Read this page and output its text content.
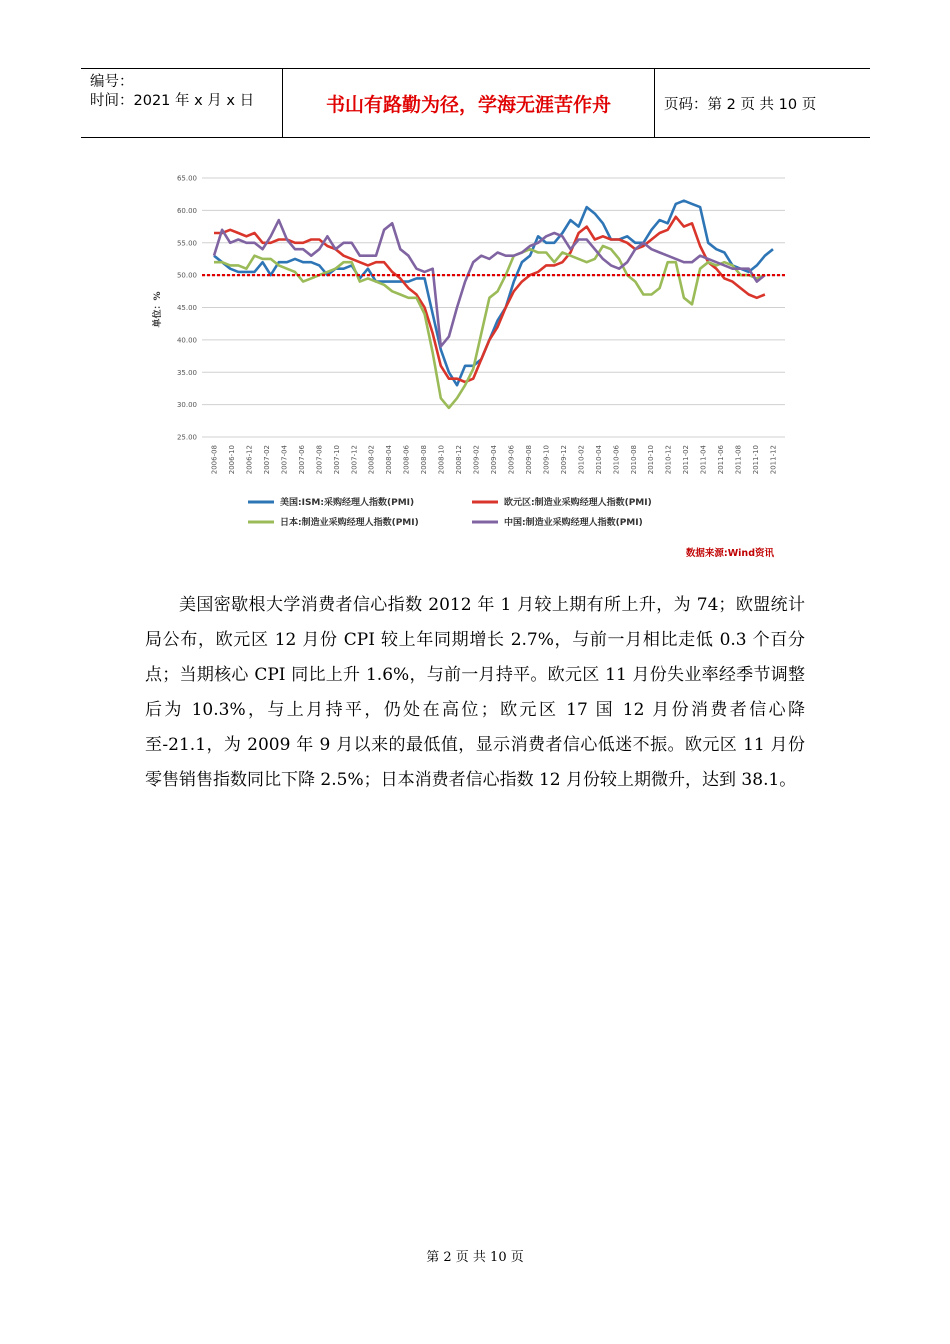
编号：
时间：2021 年 x 月 x 日	书山有路勤为径，学海无涯苦作舟	页码：第 2 页 共 10 页
25.00
30.00
35.00
40.00
45.00
50.00
55.00
60.00
65.00
单位：%
2006-08 2006-10 2006-12 2007-02 2007-04 2007-06 2007-08 2007-10 2007-12 2008-02 2008-04 2008-06 2008-08 2008-10 2008-12 2009-02 2009-04 2009-06 2009-08 2009-10 2009-12 2010-02 2010-04 2010-06 2010-08 2010-10 2010-12 2011-02 2011-04 2011-06 2011-08 2011-10 2011-12
美国:ISM:采购经理人指数(PMI)	欧元区:制造业采购经理人指数(PMI)
日本:制造业采购经理人指数(PMI)	中国:制造业采购经理人指数(PMI)
数据来源:Wind资讯

美国密歇根大学消费者信心指数 2012 年 1 月较上期有所上升，为 74；欧盟统计局公布，欧元区 12 月份 CPI 较上年同期增长 2.7%，与前一月相比走低 0.3 个百分点；当期核心 CPI 同比上升 1.6%，与前一月持平。欧元区 11 月份失业率经季节调整后为 10.3%，与上月持平，仍处在高位；欧元区 17 国 12 月份消费者信心降至-21.1，为 2009 年 9 月以来的最低值，显示消费者信心低迷不振。欧元区 11 月份零售销售指数同比下降 2.5%；日本消费者信心指数 12 月份较上期微升，达到 38.1。

第 2 页 共 10 页
